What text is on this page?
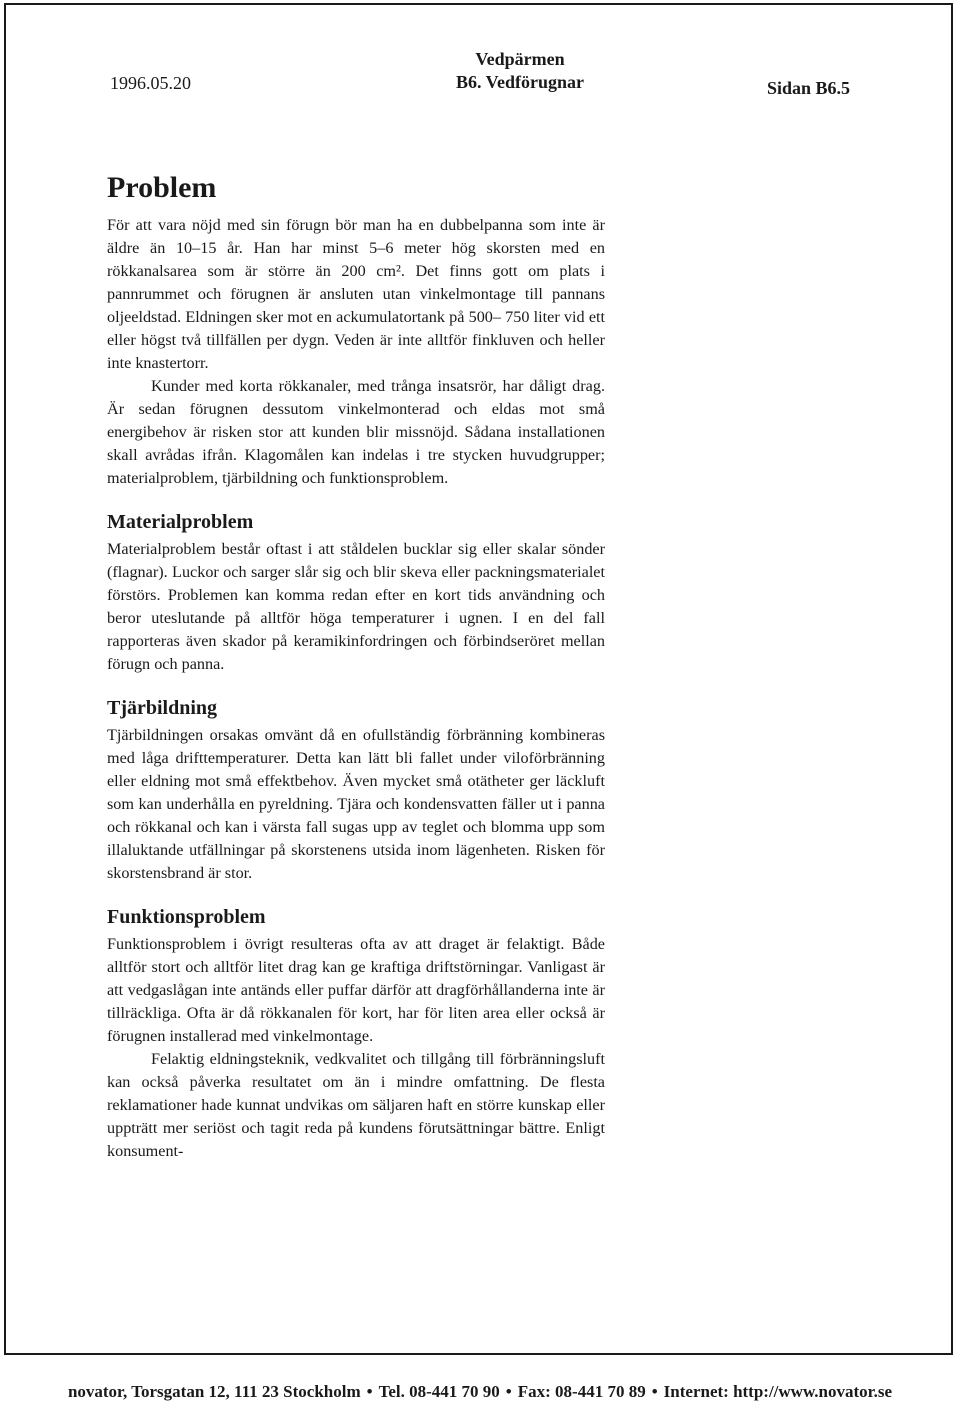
1996.05.20
Vedpärmen
B6. Vedförugnar	Sidan B6.5
Problem

För att vara nöjd med sin förugn bör man ha en dubbelpanna som inte är äldre än 10–15 år. Han har minst 5–6 meter hög skorsten med en rökkanalsarea som är större än 200 cm². Det finns gott om plats i pannrummet och förugnen är ansluten utan vinkelmontage till pannans oljeeldstad. Eldningen sker mot en ackumulatortank på 500– 750 liter vid ett eller högst två tillfällen per dygn. Veden är inte alltför finkluven och heller inte knastertorr.

Kunder med korta rökkanaler, med trånga insatsrör, har dåligt drag. Är sedan förugnen dessutom vinkelmonterad och eldas mot små energibehov är risken stor att kunden blir missnöjd. Sådana installationen skall avrådas ifrån. Klagomålen kan indelas i tre stycken huvudgrupper; materialproblem, tjärbildning och funktionsproblem.

Materialproblem

Materialproblem består oftast i att ståldelen bucklar sig eller skalar sönder (flagnar). Luckor och sarger slår sig och blir skeva eller packningsmaterialet förstörs. Problemen kan komma redan efter en kort tids användning och beror uteslutande på alltför höga temperaturer i ugnen. I en del fall rapporteras även skador på keramikinfordringen och förbindseröret mellan förugn och panna.

Tjärbildning

Tjärbildningen orsakas omvänt då en ofullständig förbränning kombineras med låga drifttemperaturer. Detta kan lätt bli fallet under viloförbränning eller eldning mot små effektbehov. Även mycket små otätheter ger läckluft som kan underhålla en pyreldning. Tjära och kondensvatten fäller ut i panna och rökkanal och kan i värsta fall sugas upp av teglet och blomma upp som illaluktande utfällningar på skorstenens utsida inom lägenheten. Risken för skorstensbrand är stor.

Funktionsproblem

Funktionsproblem i övrigt resulteras ofta av att draget är felaktigt. Både alltför stort och alltför litet drag kan ge kraftiga driftstörningar. Vanligast är att vedgaslågan inte antänds eller puffar därför att dragförhållanderna inte är tillräckliga. Ofta är då rökkanalen för kort, har för liten area eller också är förugnen installerad med vinkelmontage.

Felaktig eldningsteknik, vedkvalitet och tillgång till förbränningsluft kan också påverka resultatet om än i mindre omfattning. De flesta reklamationer hade kunnat undvikas om säljaren haft en större kunskap eller uppträtt mer seriöst och tagit reda på kundens förutsättningar bättre. Enligt konsument-

novator, Torsgatan 12, 111 23 Stockholm • Tel. 08-441 70 90 • Fax: 08-441 70 89 • Internet: http://www.novator.se
